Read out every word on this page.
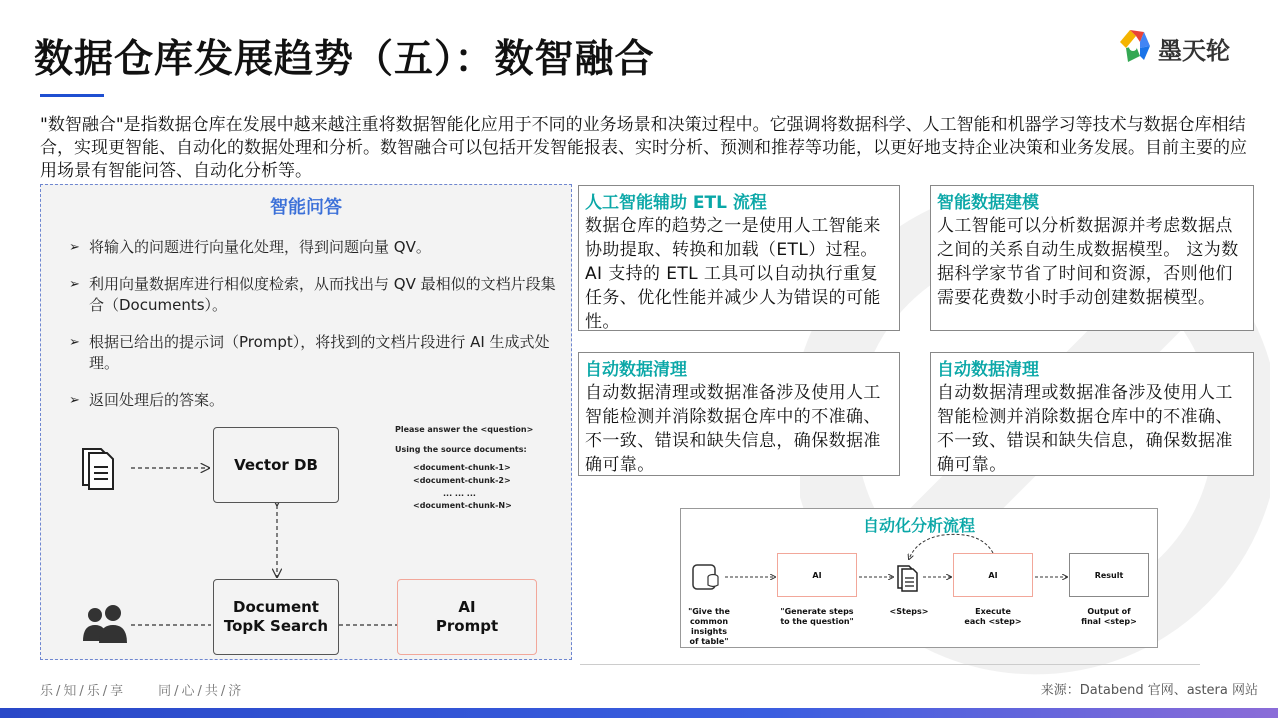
数据仓库发展趋势（五）：数智融合	墨天轮
"数智融合"是指数据仓库在发展中越来越注重将数据智能化应用于不同的业务场景和决策过程中。它强调将数据科学、人工智能和机器学习等技术与数据仓库相结合，实现更智能、自动化的数据处理和分析。数智融合可以包括开发智能报表、实时分析、预测和推荐等功能，以更好地支持企业决策和业务发展。目前主要的应用场景有智能问答、自动化分析等。
智能问答
➢ 将输入的问题进行向量化处理，得到问题向量 QV。
➢ 利用向量数据库进行相似度检索，从而找出与 QV 最相似的文档片段集合（Documents）。
➢ 根据已给出的提示词（Prompt），将找到的文档片段进行 AI 生成式处理。
➢ 返回处理后的答案。
Vector DB
Document
TopK Search
AI
Prompt
Please answer the <question>
Using the source documents:
<document-chunk-1>
<document-chunk-2>
... ... ...
<document-chunk-N>
人工智能辅助 ETL 流程
数据仓库的趋势之一是使用人工智能来协助提取、转换和加载（ETL）过程。AI 支持的 ETL 工具可以自动执行重复任务、优化性能并减少人为错误的可能性。
智能数据建模
人工智能可以分析数据源并考虑数据点之间的关系自动生成数据模型。 这为数据科学家节省了时间和资源，否则他们需要花费数小时手动创建数据模型。
自动数据清理
自动数据清理或数据准备涉及使用人工智能检测并消除数据仓库中的不准确、不一致、错误和缺失信息，确保数据准确可靠。
自动数据清理
自动数据清理或数据准备涉及使用人工智能检测并消除数据仓库中的不准确、不一致、错误和缺失信息，确保数据准确可靠。
自动化分析流程
AI	AI	Result
"Give the
common
insights
of table"
"Generate steps
to the question"
<Steps>	Execute
each <step>
Output of
final <step>
乐/知/乐/享　　同/心/共/济	来源：Databend 官网、astera 网站
